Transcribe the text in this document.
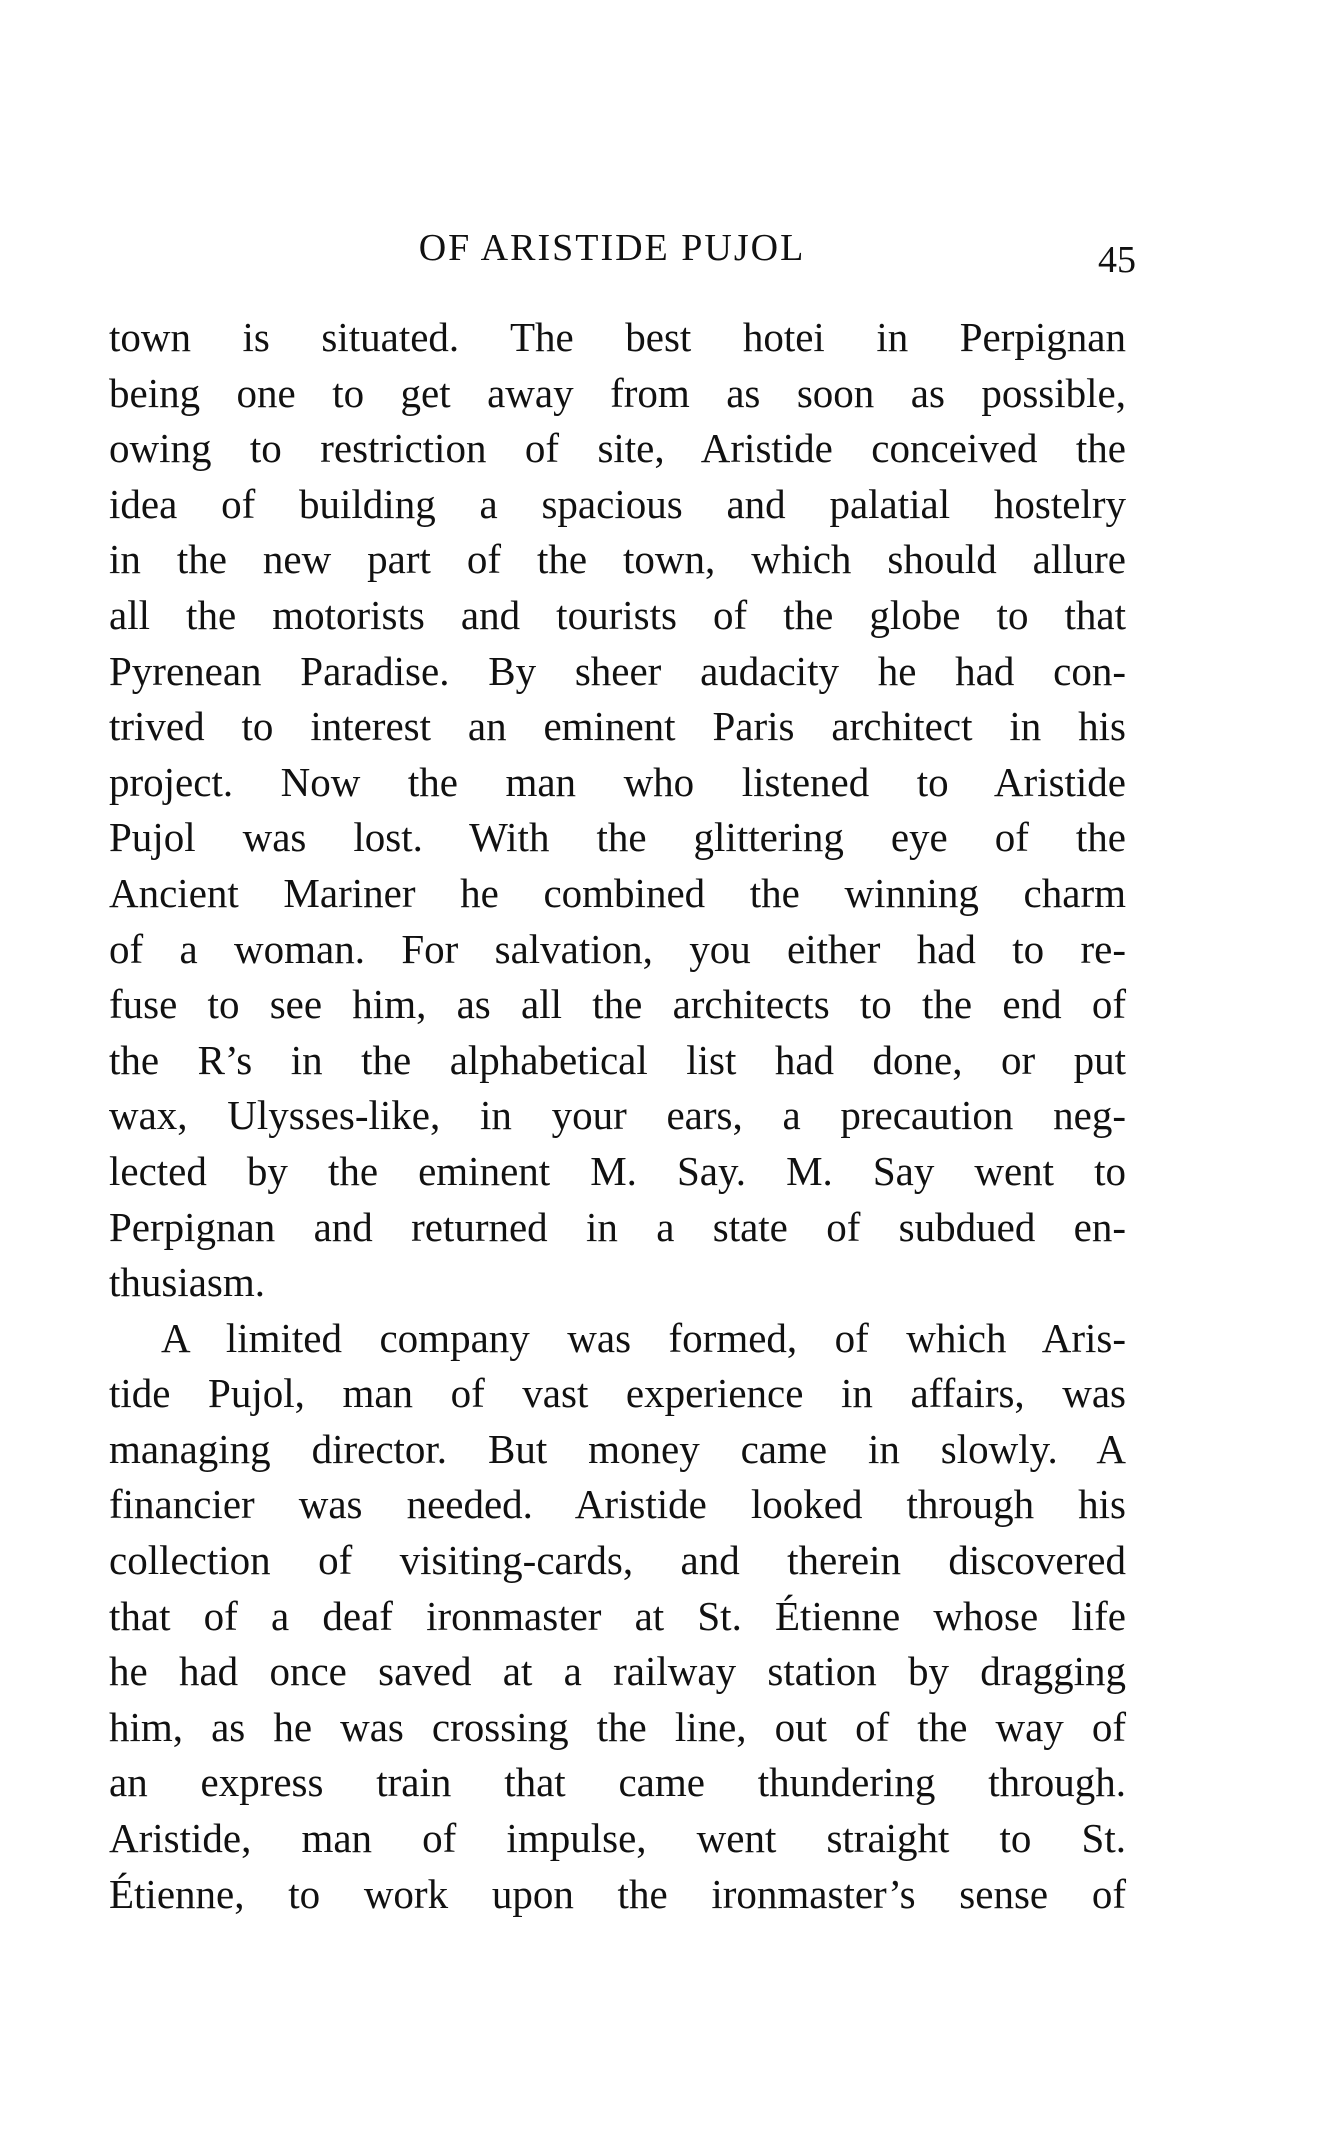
OF ARISTIDE PUJOL	45
town is situated. The best hotei in Perpignan
being one to get away from as soon as possible,
owing to restriction of site, Aristide conceived the
idea of building a spacious and palatial hostelry
in the new part of the town, which should allure
all the motorists and tourists of the globe to that
Pyrenean Paradise. By sheer audacity he had con-
trived to interest an eminent Paris architect in his
project. Now the man who listened to Aristide
Pujol was lost. With the glittering eye of the
Ancient Mariner he combined the winning charm
of a woman. For salvation, you either had to re-
fuse to see him, as all the architects to the end of
the R’s in the alphabetical list had done, or put
wax, Ulysses-like, in your ears, a precaution neg-
lected by the eminent M. Say. M. Say went to
Perpignan and returned in a state of subdued en-
thusiasm.
A limited company was formed, of which Aris-
tide Pujol, man of vast experience in affairs, was
managing director. But money came in slowly. A
financier was needed. Aristide looked through his
collection of visiting-cards, and therein discovered
that of a deaf ironmaster at St. Étienne whose life
he had once saved at a railway station by dragging
him, as he was crossing the line, out of the way of
an express train that came thundering through.
Aristide, man of impulse, went straight to St.
Étienne, to work upon the ironmaster’s sense of
